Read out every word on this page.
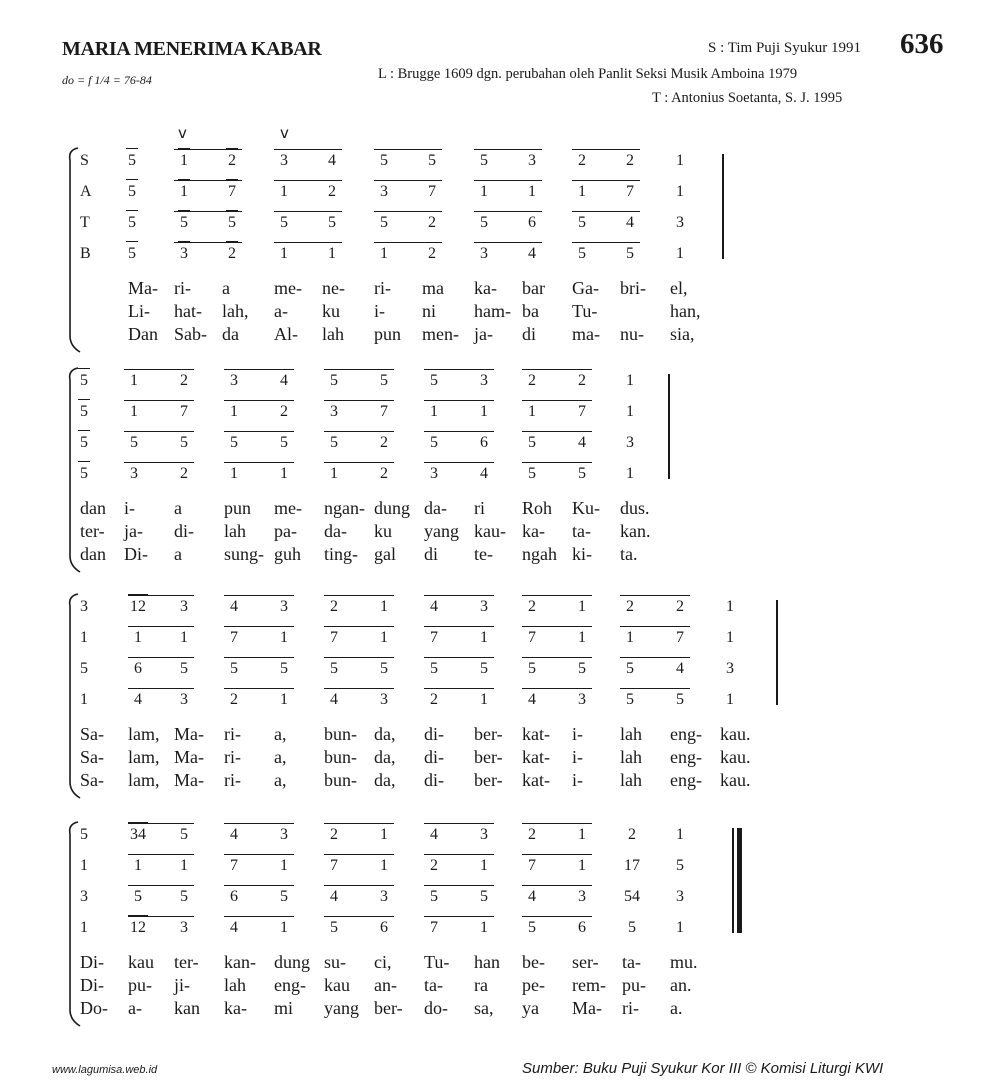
MARIA MENERIMA KABAR
do = f 1/4 = 76-84
S : Tim Puji Syukur 1991 636
L : Brugge 1609 dgn. perubahan oleh Panlit Seksi Musik Amboina 1979
T : Antonius Soetanta, S. J. 1995
v	v
S
A
T
B
5	1	2	3	4	5	5	5	3	2	2	1
5	1	7	1	2	3	7	1	1	1	7	1
5	5	5	5	5	5	2	5	6	5	4	3
5	3	2	1	1	1	2	3	4	5	5	1
Ma- ri- a me- ne- ri- ma ka- bar Ga- bri- el,
Li- hat- lah, a- ku i- ni ham- ba Tu-	han,
Dan Sab- da Al- lah pun men- ja- di ma- nu- sia,
5	1	2	3	4	5	5	5	3	2	2	1
5	1	7	1	2	3	7	1	1	1	7	1
5	5	5	5	5	5	2	5	6	5	4	3
5	3	2	1	1	1	2	3	4	5	5	1
dan i- a pun me- ngan- dung da- ri Roh Ku- dus.
ter- ja- di- lah pa- da- ku yang kau- ka- ta- kan.
dan Di- a sung- guh ting- gal di te- ngah ki- ta.
3	12 3	4	3	2	1	4	3	2	1	2	2	1
1	1 1	7	1	7	1	7	1	7	1	1	7	1
5	6 5	5	5	5	5	5	5	5	5	5	4	3
1	4 3	2	1	4	3	2	1	4	3	5	5	1
Sa- lam, Ma- ri- a, bun- da, di- ber- kat- i- lah eng- kau.
Sa- lam, Ma- ri- a, bun- da, di- ber- kat- i- lah eng- kau.
Sa- lam, Ma- ri- a, bun- da, di- ber- kat- i- lah eng- kau.
5	34 5	4	3	2	1	4	3	2	1	2	1
1	1 1	7	1	7	1	2	1	7	1 17 5
3	5 5	6	5	4	3	5	5	4	3 54 3
1	12 3	4	1	5	6	7	1	5	6	5	1
Di- kau ter- kan- dung su- ci, Tu- han be- ser- ta- mu.
Di- pu- ji- lah eng- kau an- ta- ra pe- rem- pu- an.
Do- a- kan ka- mi yang ber- do- sa, ya Ma- ri- a.
www.lagumisa.web.id	Sumber: Buku Puji Syukur Kor III © Komisi Liturgi KWI
